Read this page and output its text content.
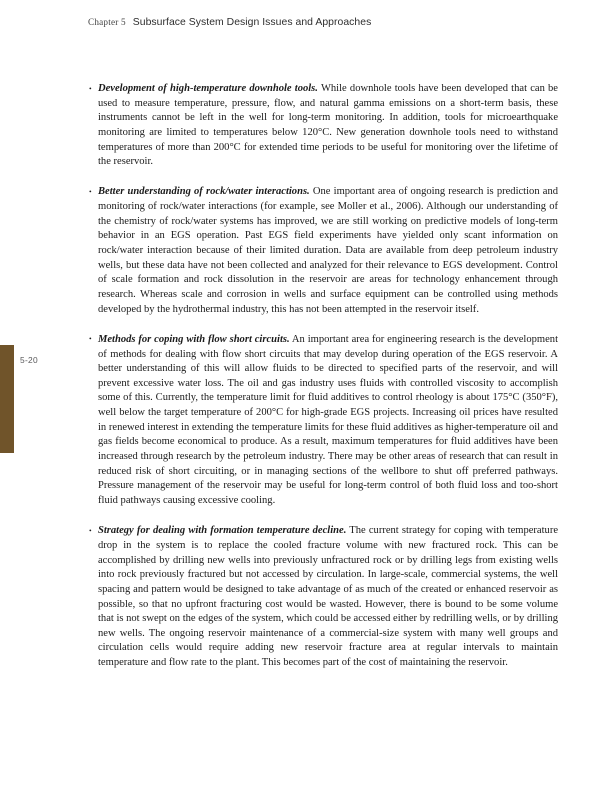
Chapter 5 Subsurface System Design Issues and Approaches
5-20

• Development of high-temperature downhole tools. While downhole tools have been developed that can be used to measure temperature, pressure, flow, and natural gamma emissions on a short-term basis, these instruments cannot be left in the well for long-term monitoring. In addition, tools for microearthquake monitoring are limited to temperatures below 120°C. New generation downhole tools need to withstand temperatures of more than 200°C for extended time periods to be useful for monitoring over the lifetime of the reservoir.

• Better understanding of rock/water interactions. One important area of ongoing research is prediction and monitoring of rock/water interactions (for example, see Moller et al., 2006). Although our understanding of the chemistry of rock/water systems has improved, we are still working on predictive models of long-term behavior in an EGS operation. Past EGS field experiments have yielded only scant information on rock/water interaction because of their limited duration. Data are available from deep petroleum industry wells, but these data have not been collected and analyzed for their relevance to EGS development. Control of scale formation and rock dissolution in the reservoir are areas for technology enhancement through research. Whereas scale and corrosion in wells and surface equipment can be controlled using methods developed by the hydrothermal industry, this has not been attempted in the reservoir itself.

• Methods for coping with flow short circuits. An important area for engineering research is the development of methods for dealing with flow short circuits that may develop during operation of the EGS reservoir. A better understanding of this will allow fluids to be directed to specified parts of the reservoir, and will prevent excessive water loss. The oil and gas industry uses fluids with controlled viscosity to accomplish some of this. Currently, the temperature limit for fluid additives to control rheology is about 175°C (350°F), well below the target temperature of 200°C for high-grade EGS projects. Increasing oil prices have resulted in renewed interest in extending the temperature limits for these fluid additives as higher-temperature oil and gas fields become economical to produce. As a result, maximum temperatures for fluid additives have been increased through research by the petroleum industry. There may be other areas of research that can result in reduced risk of short circuiting, or in managing sections of the wellbore to shut off preferred pathways. Pressure management of the reservoir may be useful for long-term control of both fluid loss and too-short fluid pathways causing excessive cooling.

• Strategy for dealing with formation temperature decline. The current strategy for coping with temperature drop in the system is to replace the cooled fracture volume with new fractured rock. This can be accomplished by drilling new wells into previously unfractured rock or by drilling legs from existing wells into rock previously fractured but not accessed by circulation. In large-scale, commercial systems, the well spacing and pattern would be designed to take advantage of as much of the created or enhanced reservoir as possible, so that no upfront fracturing cost would be wasted. However, there is bound to be some volume that is not swept on the edges of the system, which could be accessed either by redrilling wells, or by drilling new wells. The ongoing reservoir maintenance of a commercial-size system with many well groups and circulation cells would require adding new reservoir fracture area at regular intervals to maintain temperature and flow rate to the plant. This becomes part of the cost of maintaining the reservoir.
